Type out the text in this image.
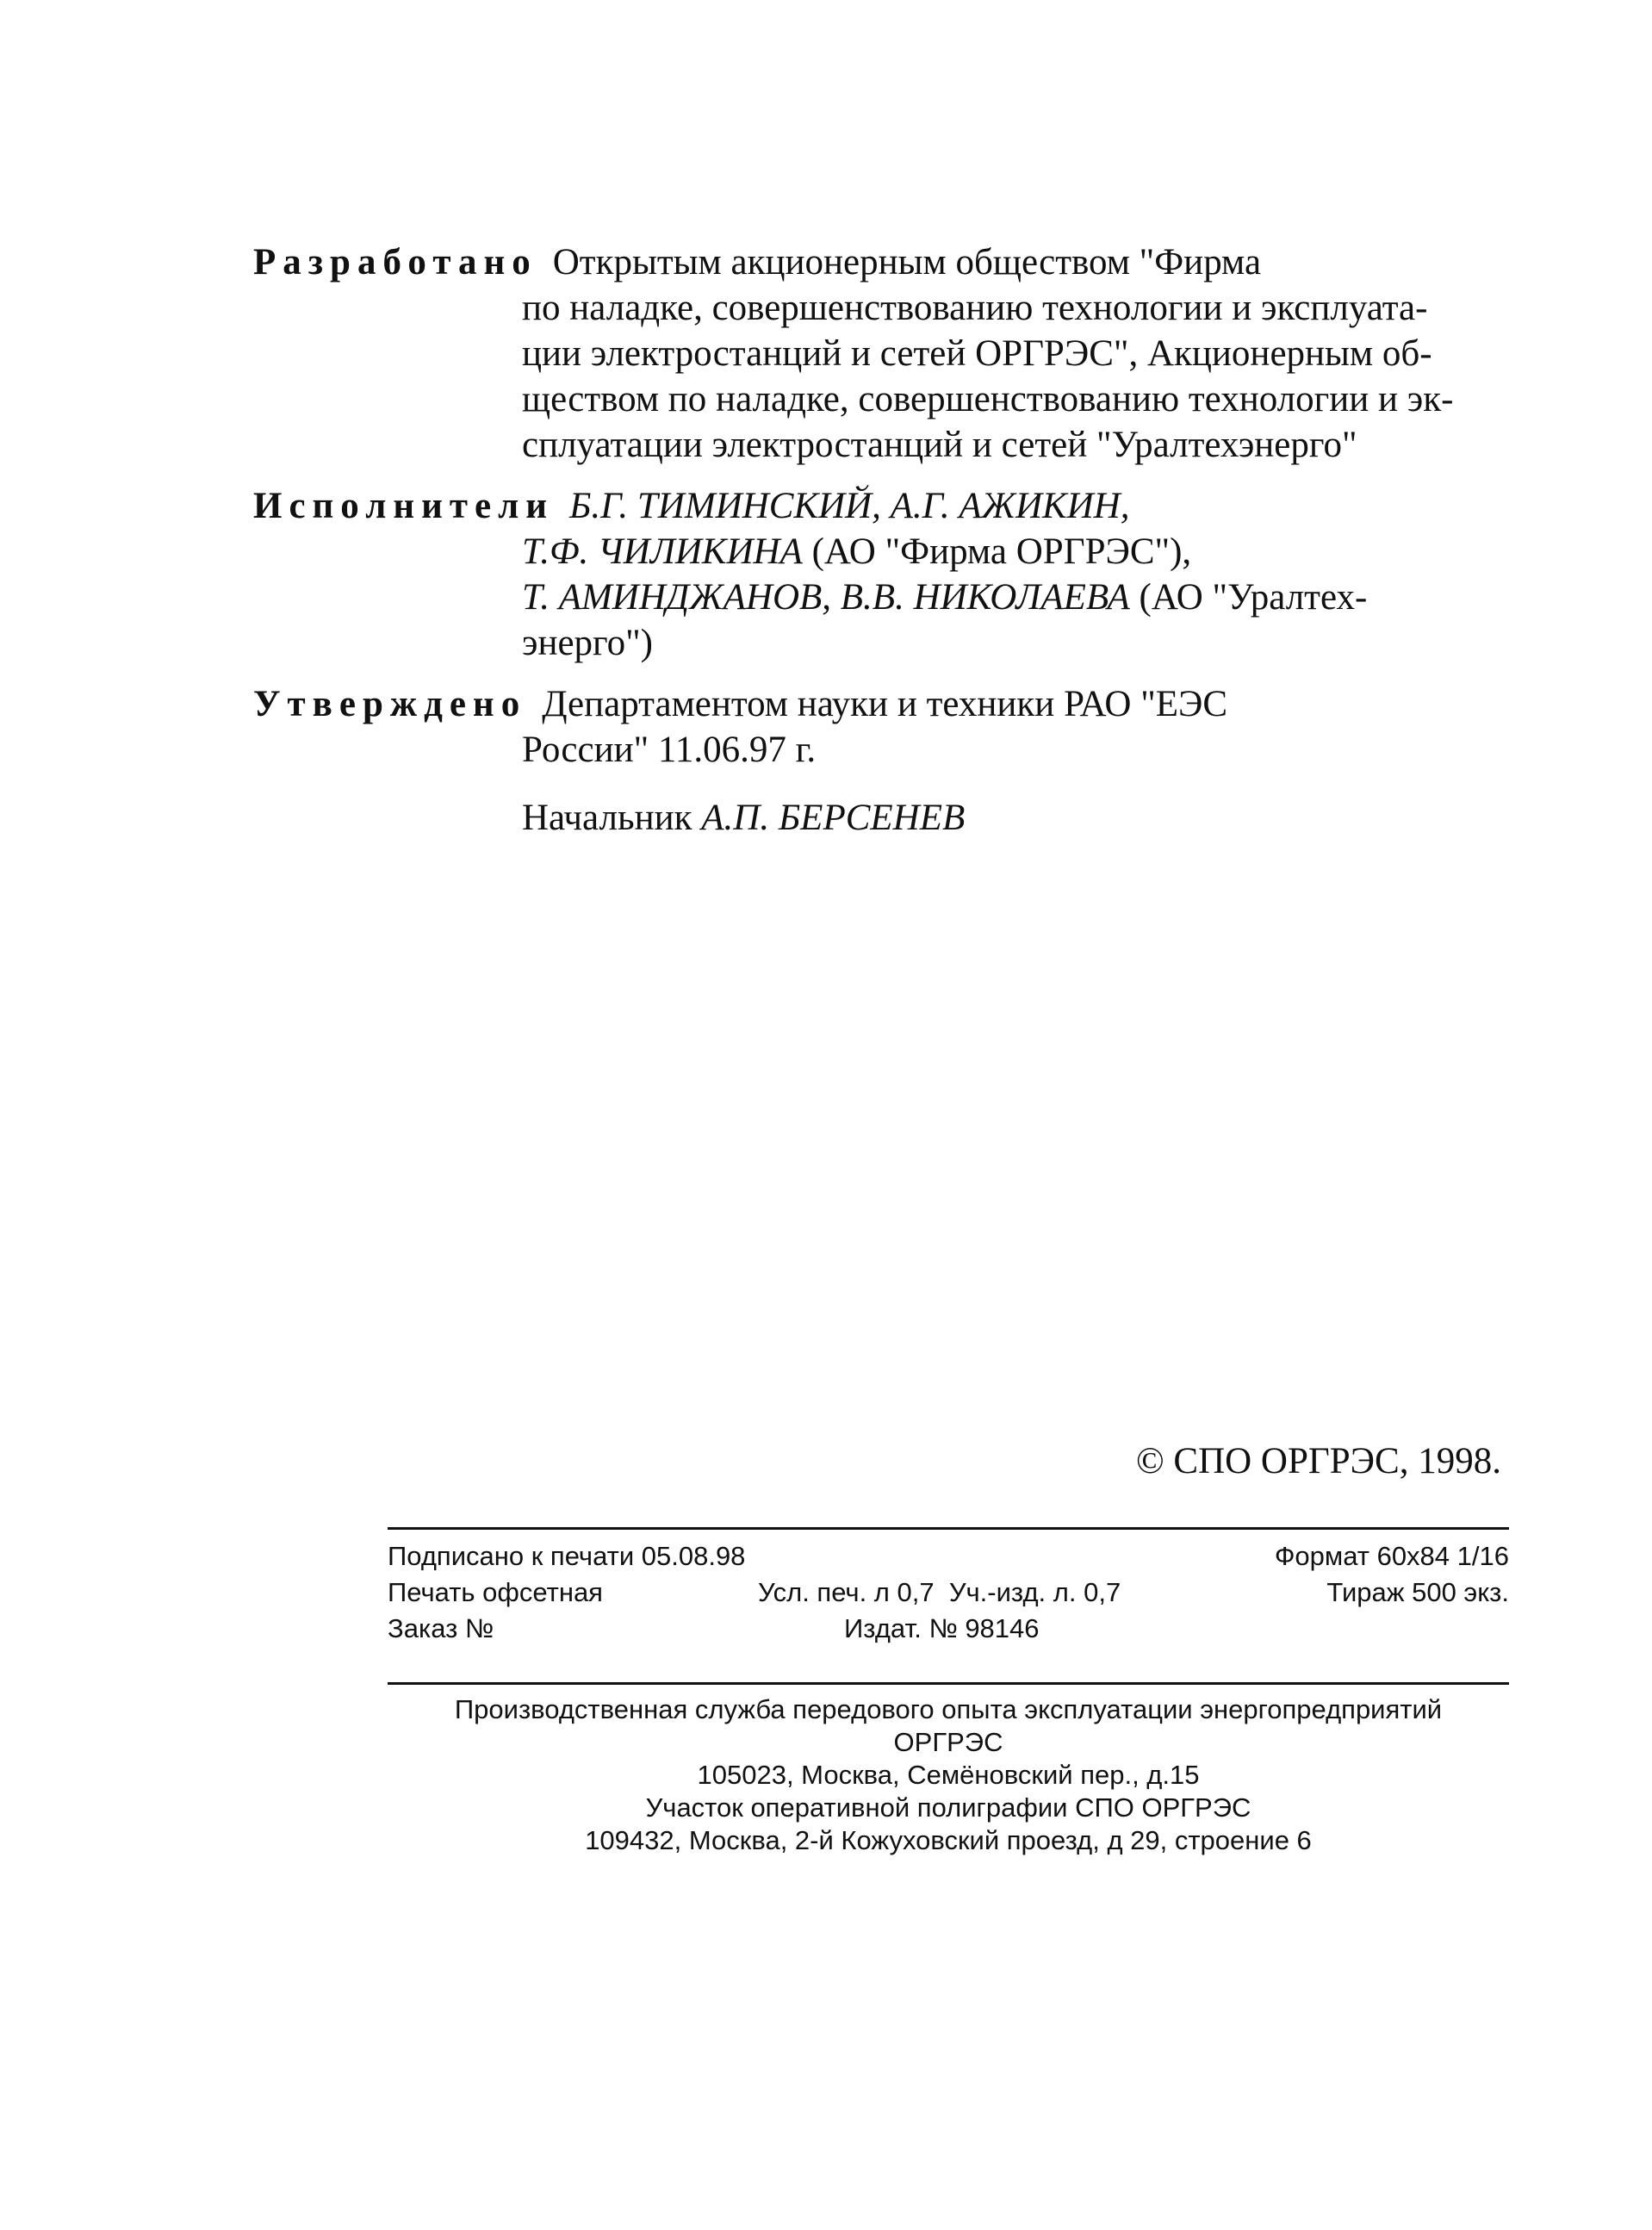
Разработано Открытым акционерным обществом "Фирма

по наладке, совершенствованию технологии и эксплуата-

ции электростанций и сетей ОРГРЭС", Акционерным об-

ществом по наладке, совершенствованию технологии и эк-

сплуатации электростанций и сетей "Уралтехэнерго"

Исполнители Б.Г. ТИМИНСКИЙ, А.Г. АЖИКИН,

Т.Ф. ЧИЛИКИНА (АО "Фирма ОРГРЭС"),

Т. АМИНДЖАНОВ, В.В. НИКОЛАЕВА (АО "Уралтех-

энерго")

Утверждено Департаментом науки и техники РАО "ЕЭС

России" 11.06.97 г.

Начальник А.П. БЕРСЕНЕВ

© СПО ОРГРЭС, 1998.
Подписано к печати 05.08.98	Формат 60х84 1/16
Печать офсетная	Усл. печ. л 0,7  Уч.-изд. л. 0,7	Тираж 500 экз.
Заказ №	Издат. № 98146
Производственная служба передового опыта эксплуатации энергопредприятий
ОРГРЭС
105023, Москва, Семёновский пер., д.15
Участок оперативной полиграфии СПО ОРГРЭС
109432, Москва, 2-й Кожуховский проезд, д 29, строение 6
